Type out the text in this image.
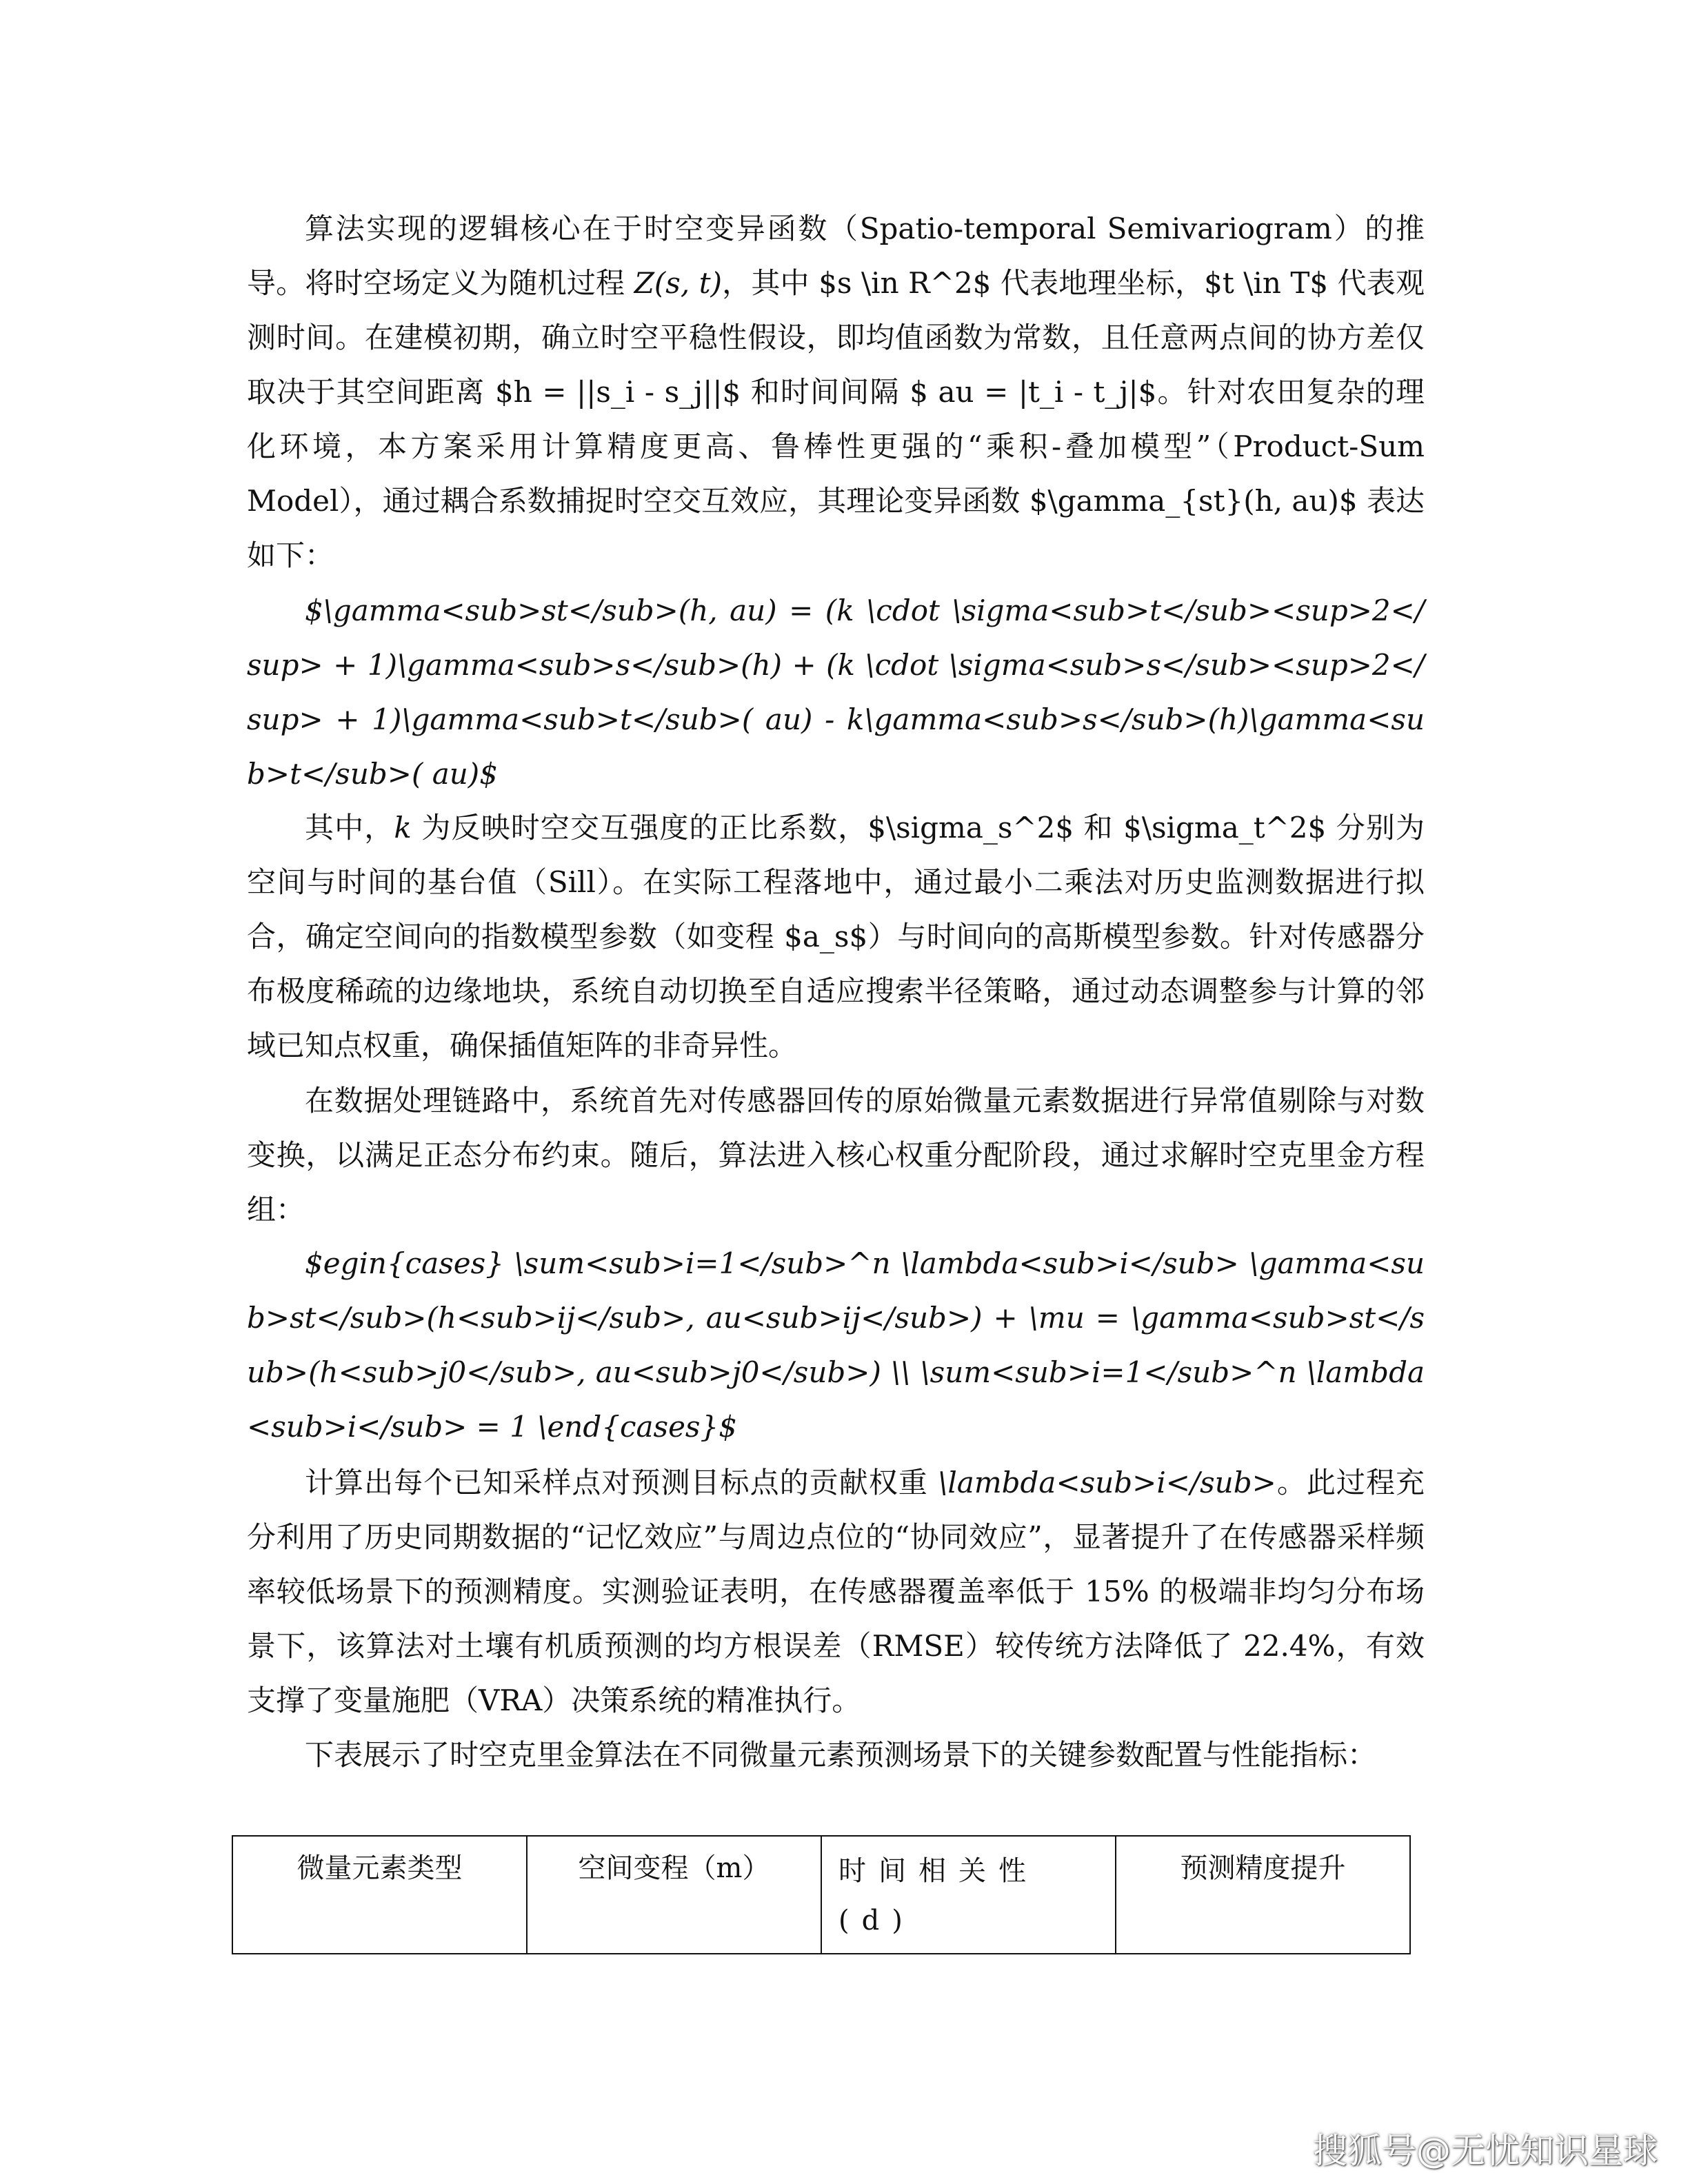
算法实现的逻辑核心在于时空变异函数（Spatio-temporal Semivariogram）的推导。将时空场定义为随机过程 Z(s, t)，其中 $s \in R^2$ 代表地理坐标，$t \in T$ 代表观测时间。在建模初期，确立时空平稳性假设，即均值函数为常数，且任意两点间的协方差仅取决于其空间距离 $h = ||s_i - s_j||$ 和时间间隔 $ au = |t_i - t_j|$。针对农田复杂的理化环境，本方案采用计算精度更高、鲁棒性更强的“乘积-叠加模型”（Product-Sum Model），通过耦合系数捕捉时空交互效应，其理论变异函数 $\gamma_{st}(h, au)$ 表达如下：

$\gamma<sub>st</sub>(h, au) = (k \cdot \sigma<sub>t</sub><sup>2</sup> + 1)\gamma<sub>s</sub>(h) + (k \cdot \sigma<sub>s</sub><sup>2</sup> + 1)\gamma<sub>t</sub>( au) - k\gamma<sub>s</sub>(h)\gamma<sub>t</sub>( au)$

其中，k 为反映时空交互强度的正比系数，$\sigma_s^2$ 和 $\sigma_t^2$ 分别为空间与时间的基台值（Sill）。在实际工程落地中，通过最小二乘法对历史监测数据进行拟合，确定空间向的指数模型参数（如变程 $a_s$）与时间向的高斯模型参数。针对传感器分布极度稀疏的边缘地块，系统自动切换至自适应搜索半径策略，通过动态调整参与计算的邻域已知点权重，确保插值矩阵的非奇异性。

在数据处理链路中，系统首先对传感器回传的原始微量元素数据进行异常值剔除与对数变换，以满足正态分布约束。随后，算法进入核心权重分配阶段，通过求解时空克里金方程组：

$egin{cases} \sum<sub>i=1</sub>^n \lambda<sub>i</sub> \gamma<sub>st</sub>(h<sub>ij</sub>, au<sub>ij</sub>) + \mu = \gamma<sub>st</sub>(h<sub>j0</sub>, au<sub>j0</sub>) \\ \sum<sub>i=1</sub>^n \lambda<sub>i</sub> = 1 \end{cases}$

计算出每个已知采样点对预测目标点的贡献权重 \lambda<sub>i</sub>。此过程充分利用了历史同期数据的“记忆效应”与周边点位的“协同效应”，显著提升了在传感器采样频率较低场景下的预测精度。实测验证表明，在传感器覆盖率低于 15% 的极端非均匀分布场景下，该算法对土壤有机质预测的均方根误差（RMSE）较传统方法降低了 22.4%，有效支撑了变量施肥（VRA）决策系统的精准执行。

下表展示了时空克里金算法在不同微量元素预测场景下的关键参数配置与性能指标：

微量元素类型	空间变程（m）	时间相关性 (d)	预测精度提升
搜狐号@无忧知识星球
